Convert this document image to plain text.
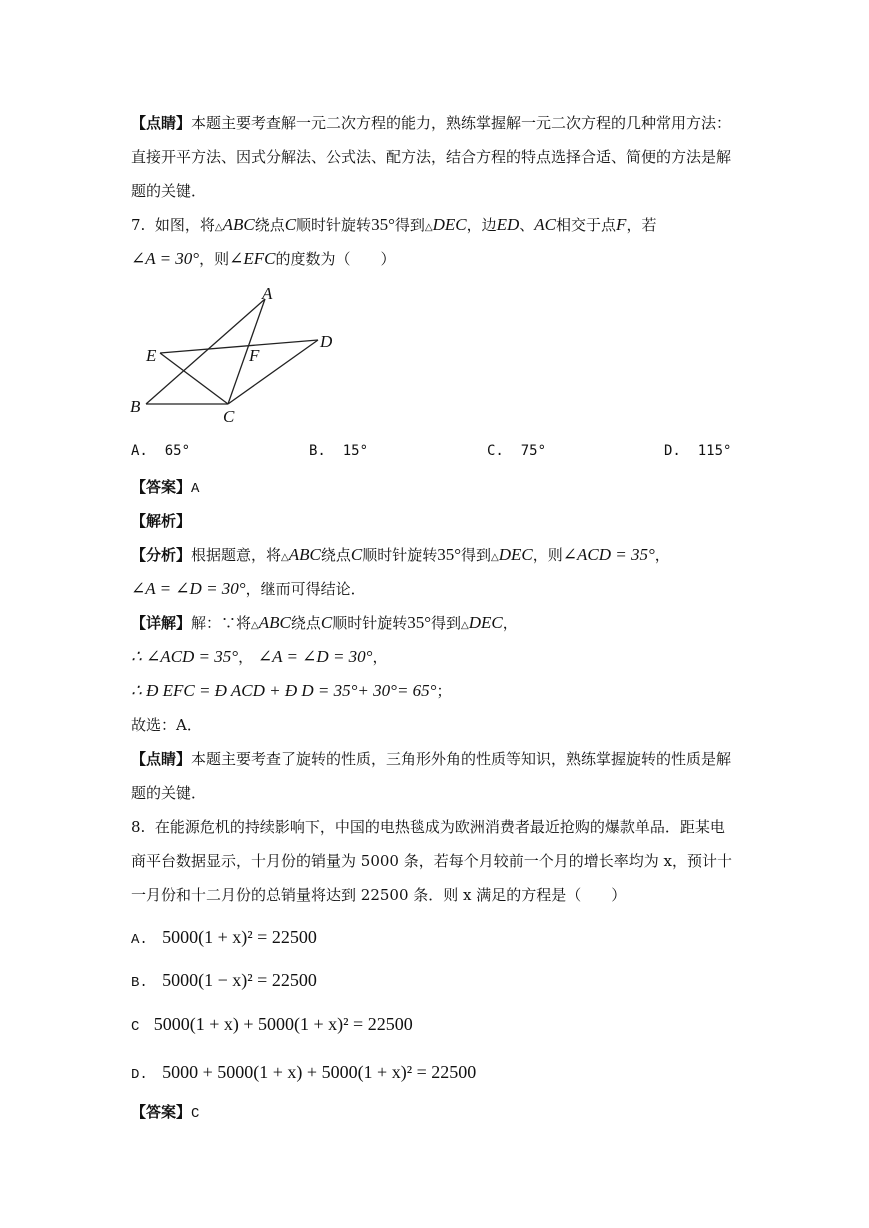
【点睛】本题主要考查解一元二次方程的能力，熟练掌握解一元二次方程的几种常用方法：
直接开平方法、因式分解法、公式法、配方法，结合方程的特点选择合适、简便的方法是解
题的关键．
7. 如图，将△ABC绕点C顺时针旋转35°得到△DEC，边ED、AC相交于点F，若
∠A = 30°，则∠EFC的度数为（　　）
A
B
C
D
E	F
A. 65°	B. 15°	C. 75°	D. 115°
【答案】A
【解析】
【分析】根据题意，将△ABC绕点C顺时针旋转35°得到△DEC，则∠ACD = 35°，
∠A = ∠D = 30°，继而可得结论．
【详解】解：∵将△ABC绕点C顺时针旋转35°得到△DEC，
∴ ∠ACD = 35°， ∠A = ∠D = 30°，
∴ Ð EFC = Ð ACD + Ð D = 35°+ 30°= 65°；
故选：A．
【点睛】本题主要考查了旋转的性质，三角形外角的性质等知识，熟练掌握旋转的性质是解
题的关键．
8. 在能源危机的持续影响下，中国的电热毯成为欧洲消费者最近抢购的爆款单品．距某电
商平台数据显示，十月份的销量为 5000 条，若每个月较前一个月的增长率均为 x，预计十
一月份和十二月份的总销量将达到 22500 条．则 x 满足的方程是（　　）
A. 5000(1 + x)² = 22500
B. 5000(1 − x)² = 22500
C 5000(1 + x) + 5000(1 + x)² = 22500
D. 5000 + 5000(1 + x) + 5000(1 + x)² = 22500
【答案】C
